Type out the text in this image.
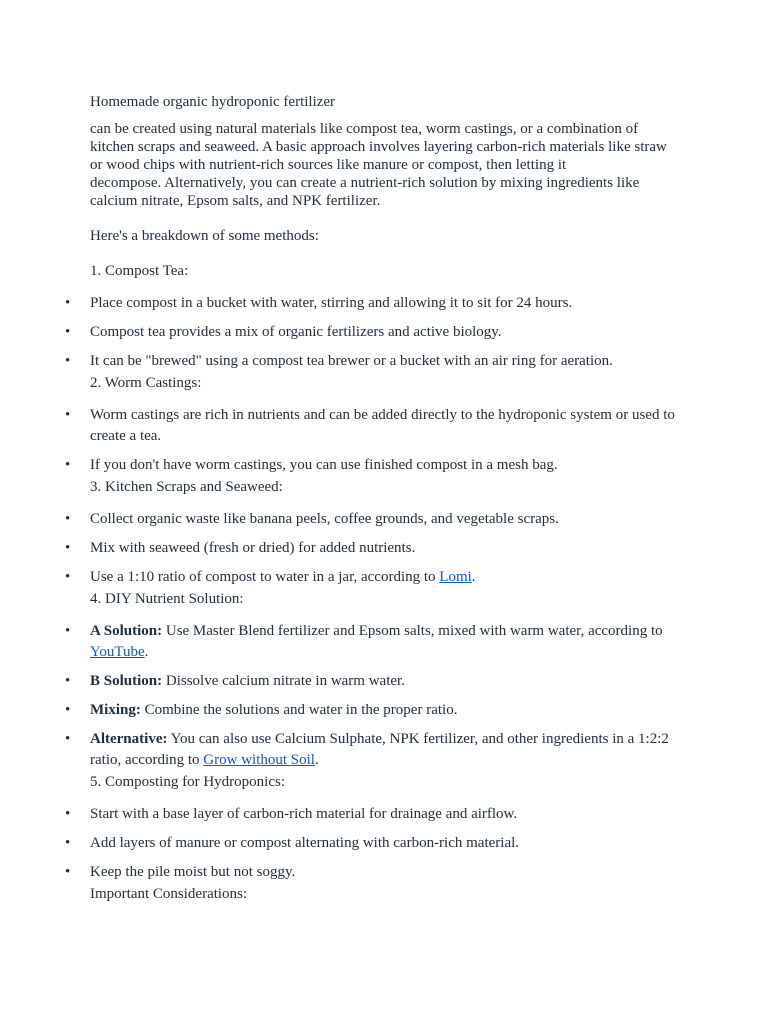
Homemade organic hydroponic fertilizer
can be created using natural materials like compost tea, worm castings, or a combination of
kitchen scraps and seaweed. A basic approach involves layering carbon-rich materials like straw
or wood chips with nutrient-rich sources like manure or compost, then letting it
decompose. Alternatively, you can create a nutrient-rich solution by mixing ingredients like
calcium nitrate, Epsom salts, and NPK fertilizer.
Here's a breakdown of some methods:
1. Compost Tea:
• Place compost in a bucket with water, stirring and allowing it to sit for 24 hours.
• Compost tea provides a mix of organic fertilizers and active biology.
• It can be "brewed" using a compost tea brewer or a bucket with an air ring for aeration.
2. Worm Castings:
• Worm castings are rich in nutrients and can be added directly to the hydroponic system or used to create a tea.
• If you don't have worm castings, you can use finished compost in a mesh bag.
3. Kitchen Scraps and Seaweed:
• Collect organic waste like banana peels, coffee grounds, and vegetable scraps.
• Mix with seaweed (fresh or dried) for added nutrients.
• Use a 1:10 ratio of compost to water in a jar, according to Lomi.
4. DIY Nutrient Solution:
• A Solution: Use Master Blend fertilizer and Epsom salts, mixed with warm water, according to YouTube.
• B Solution: Dissolve calcium nitrate in warm water.
• Mixing: Combine the solutions and water in the proper ratio.
• Alternative: You can also use Calcium Sulphate, NPK fertilizer, and other ingredients in a 1:2:2 ratio, according to Grow without Soil.
5. Composting for Hydroponics:
• Start with a base layer of carbon-rich material for drainage and airflow.
• Add layers of manure or compost alternating with carbon-rich material.
• Keep the pile moist but not soggy.
Important Considerations:
